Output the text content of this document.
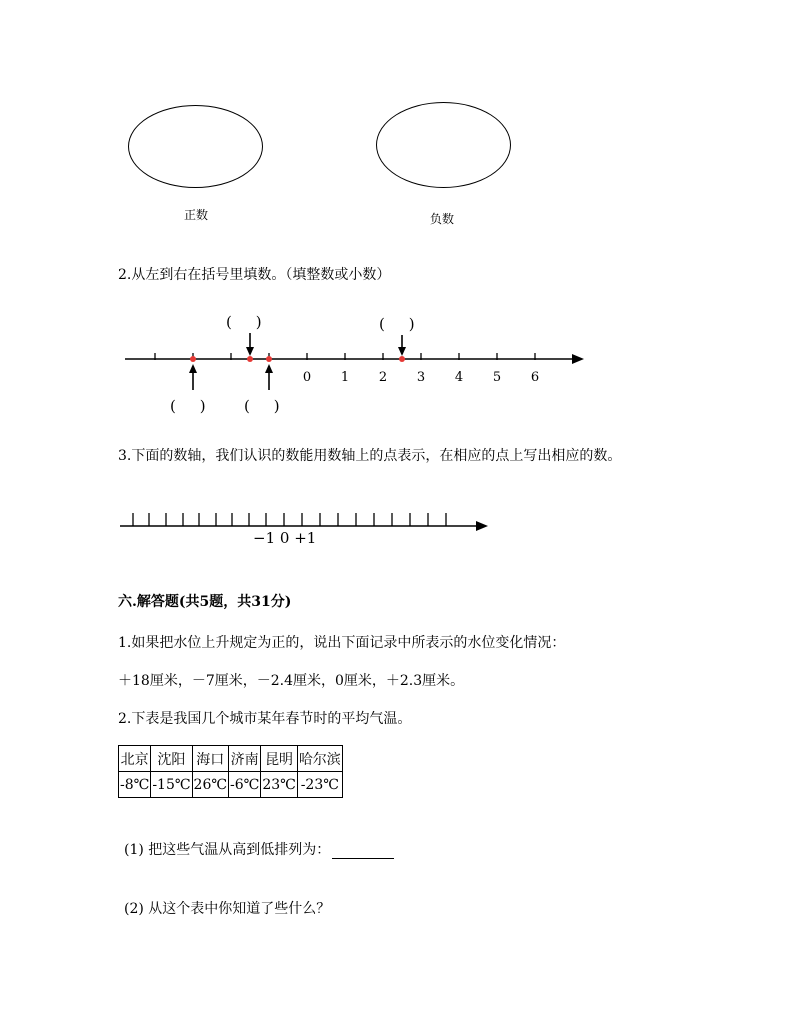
正数	负数
2.从左到右在括号里填数。（填整数或小数）
0 1 2 3 4 5 6
(     )	(     )
(     )	(     )
3.下面的数轴，我们认识的数能用数轴上的点表示，在相应的点上写出相应的数。
−1 0 +1
六.解答题(共5题，共31分)
1.如果把水位上升规定为正的，说出下面记录中所表示的水位变化情况：
＋18厘米，－7厘米，－2.4厘米，0厘米，＋2.3厘米。
2.下表是我国几个城市某年春节时的平均气温。
北京	沈阳	海口	济南	昆明	哈尔滨
-8℃	-15℃	26℃	-6℃	23℃	-23℃
(1) 把这些气温从高到低排列为：
(2) 从这个表中你知道了些什么？
